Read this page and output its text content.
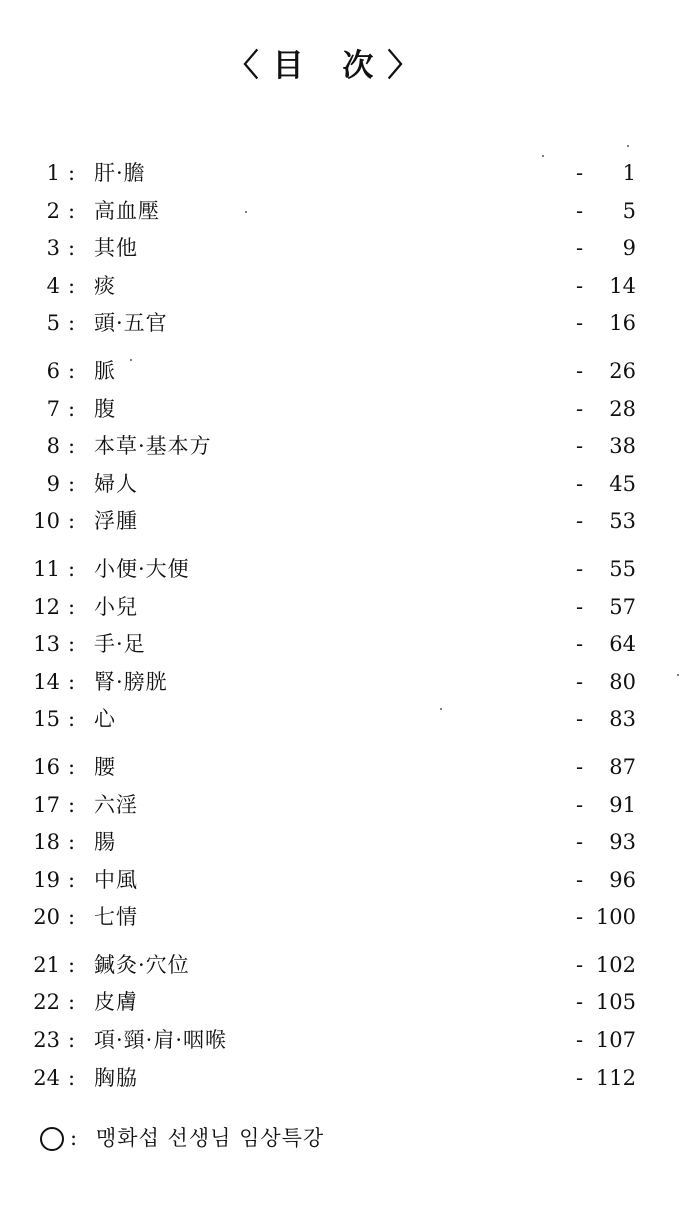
〈目 次〉
1 : 肝·膽	- 1
2 : 高血壓	- 5
3 : 其他	- 9
4 : 痰	- 14
5 : 頭·五官	- 16
6 : 脈	- 26
7 : 腹	- 28
8 : 本草·基本方	- 38
9 : 婦人	- 45
10 : 浮腫	- 53
11 : 小便·大便	- 55
12 : 小兒	- 57
13 : 手·足	- 64
14 : 腎·膀胱	- 80
15 : 心	- 83
16 : 腰	- 87
17 : 六淫	- 91
18 : 腸	- 93
19 : 中風	- 96
20 : 七情	- 100
21 : 鍼灸·穴位	- 102
22 : 皮膚	- 105
23 : 項·頸·肩·咽喉	- 107
24 : 胸脇	- 112
: 맹화섭 선생님 임상특강
